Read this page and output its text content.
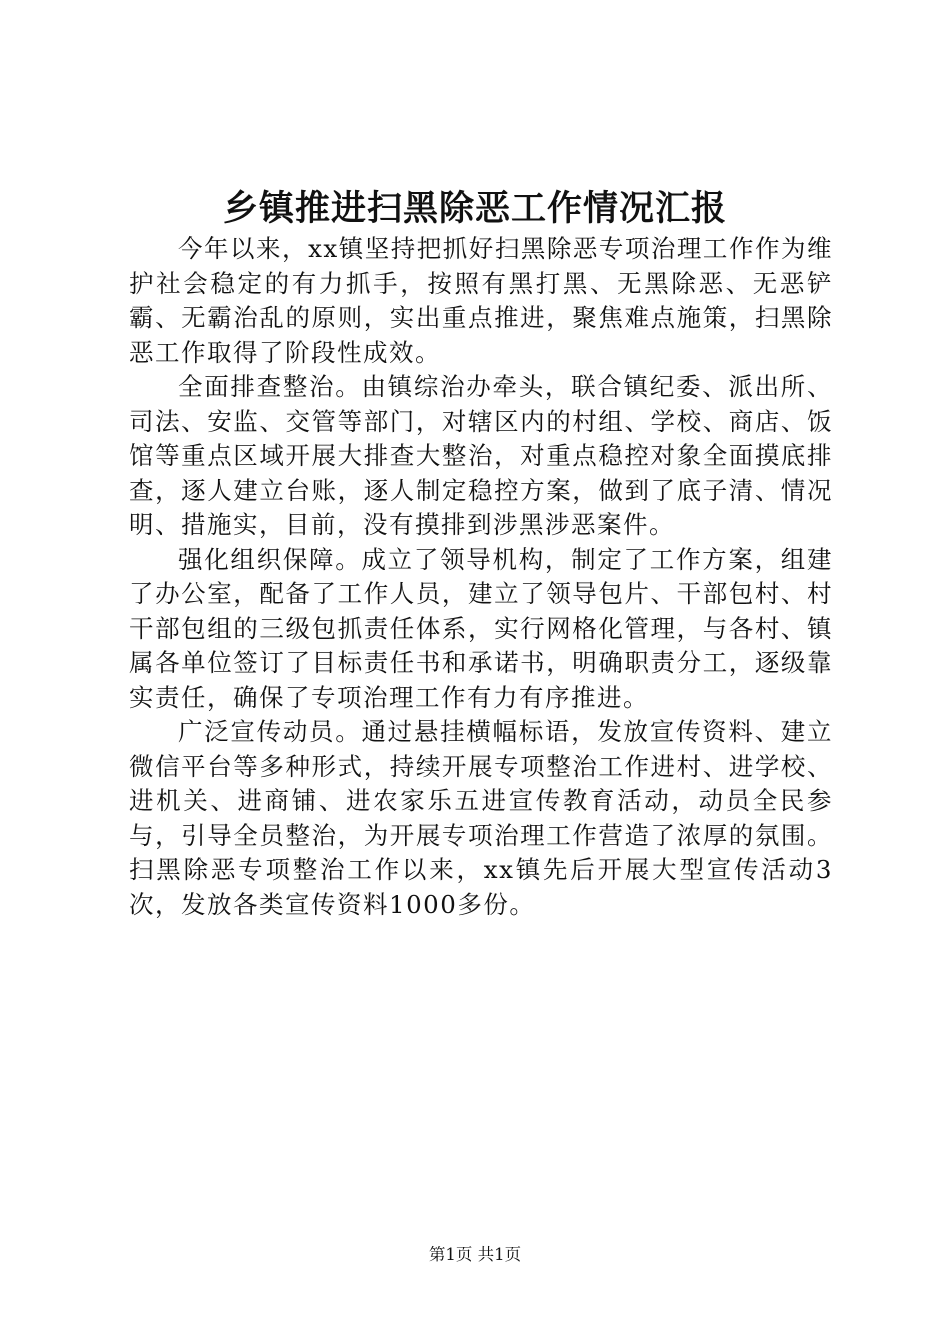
乡镇推进扫黑除恶工作情况汇报

今年以来，xx镇坚持把抓好扫黑除恶专项治理工作作为维护社会稳定的有力抓手，按照有黑打黑、无黑除恶、无恶铲霸、无霸治乱的原则，实出重点推进，聚焦难点施策，扫黑除恶工作取得了阶段性成效。

全面排查整治。由镇综治办牵头，联合镇纪委、派出所、司法、安监、交管等部门，对辖区内的村组、学校、商店、饭馆等重点区域开展大排查大整治，对重点稳控对象全面摸底排查，逐人建立台账，逐人制定稳控方案，做到了底子清、情况明、措施实，目前，没有摸排到涉黑涉恶案件。

强化组织保障。成立了领导机构，制定了工作方案，组建了办公室，配备了工作人员，建立了领导包片、干部包村、村干部包组的三级包抓责任体系，实行网格化管理，与各村、镇属各单位签订了目标责任书和承诺书，明确职责分工，逐级靠实责任，确保了专项治理工作有力有序推进。

广泛宣传动员。通过悬挂横幅标语，发放宣传资料、建立微信平台等多种形式，持续开展专项整治工作进村、进学校、进机关、进商铺、进农家乐五进宣传教育活动，动员全民参与，引导全员整治，为开展专项治理工作营造了浓厚的氛围。扫黑除恶专项整治工作以来，xx镇先后开展大型宣传活动3次，发放各类宣传资料1000多份。

第1页 共1页
